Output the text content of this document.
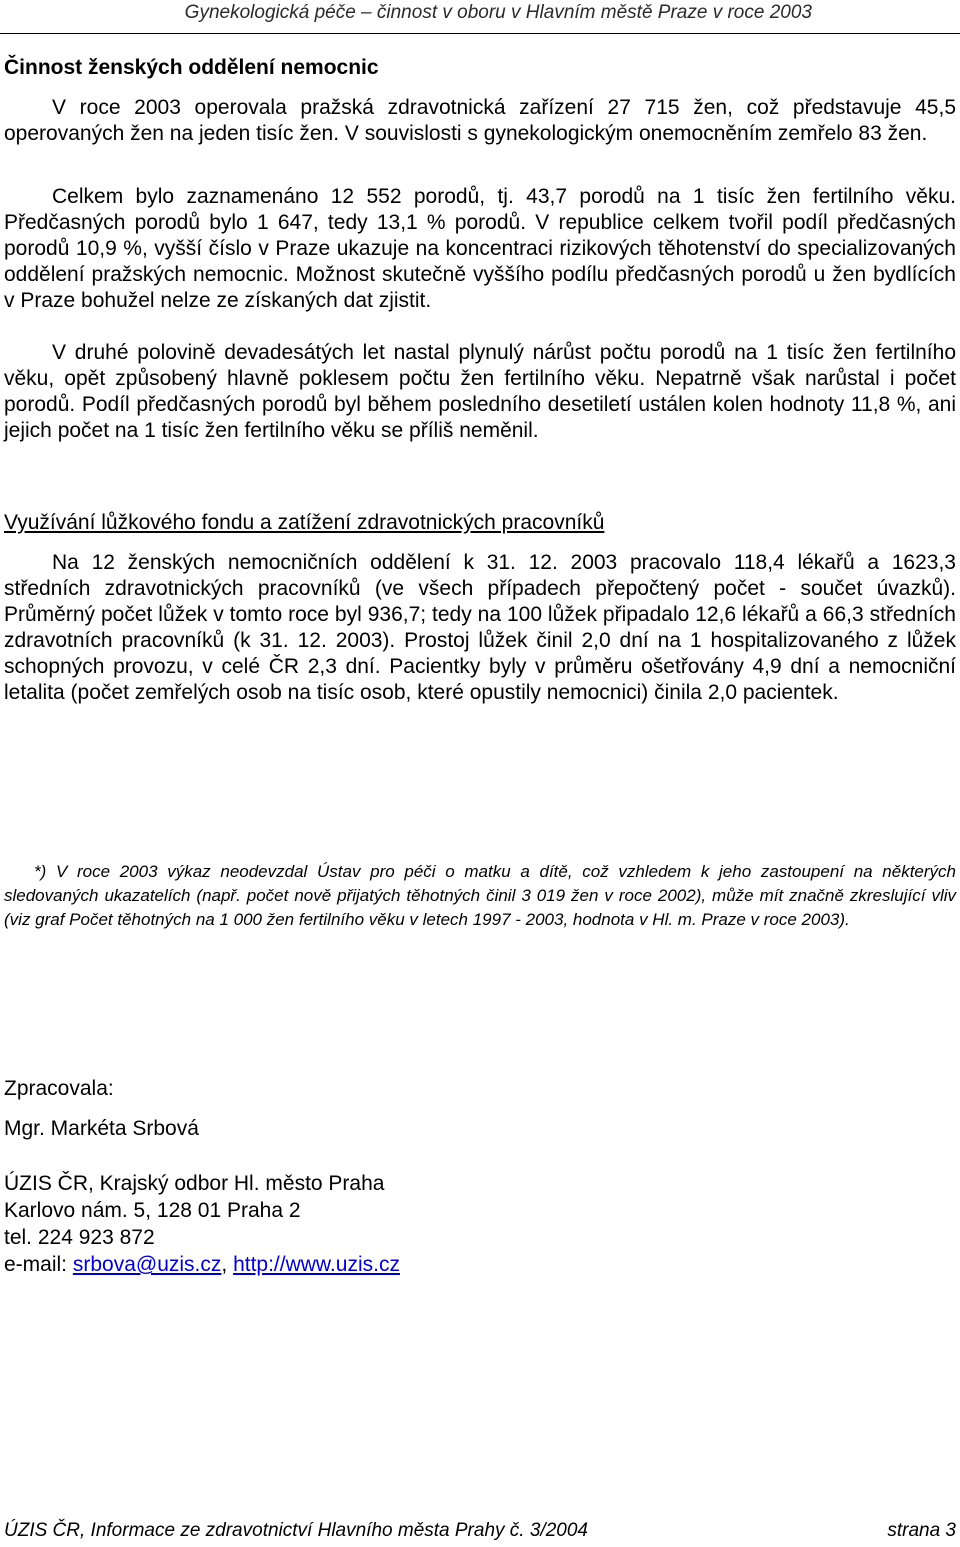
Gynekologická péče – činnost v oboru v Hlavním městě Praze v roce 2003
Činnost ženských oddělení nemocnic
V roce 2003 operovala pražská zdravotnická zařízení 27 715 žen, což představuje 45,5 operovaných žen na jeden tisíc žen. V souvislosti s gynekologickým onemocněním zemřelo 83 žen.
Celkem bylo zaznamenáno 12 552 porodů, tj. 43,7 porodů na 1 tisíc žen fertilního věku. Předčasných porodů bylo 1 647, tedy 13,1 % porodů. V republice celkem tvořil podíl předčasných porodů 10,9 %, vyšší číslo v Praze ukazuje na koncentraci rizikových těhotenství do specializovaných oddělení pražských nemocnic. Možnost skutečně vyššího podílu předčasných porodů u žen bydlících v Praze bohužel nelze ze získaných dat zjistit.
V druhé polovině devadesátých let nastal plynulý nárůst počtu porodů na 1 tisíc žen fertilního věku, opět způsobený hlavně poklesem počtu žen fertilního věku. Nepatrně však narůstal i počet porodů. Podíl předčasných porodů byl během posledního desetiletí ustálen kolen hodnoty 11,8 %, ani jejich počet na 1 tisíc žen fertilního věku se příliš neměnil.
Využívání lůžkového fondu a zatížení zdravotnických pracovníků
Na 12 ženských nemocničních oddělení k 31. 12. 2003 pracovalo 118,4 lékařů a 1623,3 středních zdravotnických pracovníků (ve všech případech přepočtený počet - součet úvazků). Průměrný počet lůžek v tomto roce byl 936,7; tedy na 100 lůžek připadalo 12,6 lékařů a 66,3 středních zdravotních pracovníků (k 31. 12. 2003). Prostoj lůžek činil 2,0 dní na 1 hospitalizovaného z lůžek schopných provozu, v celé ČR 2,3 dní. Pacientky byly v průměru ošetřovány 4,9 dní a nemocniční letalita (počet zemřelých osob na tisíc osob, které opustily nemocnici) činila 2,0 pacientek.
*) V roce 2003 výkaz neodevzdal Ústav pro péči o matku a dítě, což vzhledem k jeho zastoupení na některých sledovaných ukazatelích (např. počet nově přijatých těhotných činil 3 019 žen v roce 2002), může mít značně zkreslující vliv (viz graf Počet těhotných na 1 000 žen fertilního věku v letech 1997 - 2003, hodnota v Hl. m. Praze v roce 2003).
Zpracovala:
Mgr. Markéta Srbová
ÚZIS ČR, Krajský odbor Hl. město Praha
Karlovo nám. 5, 128 01 Praha 2
tel. 224 923 872
e-mail: srbova@uzis.cz, http://www.uzis.cz
ÚZIS ČR, Informace ze zdravotnictví Hlavního města Prahy č. 3/2004	strana 3
